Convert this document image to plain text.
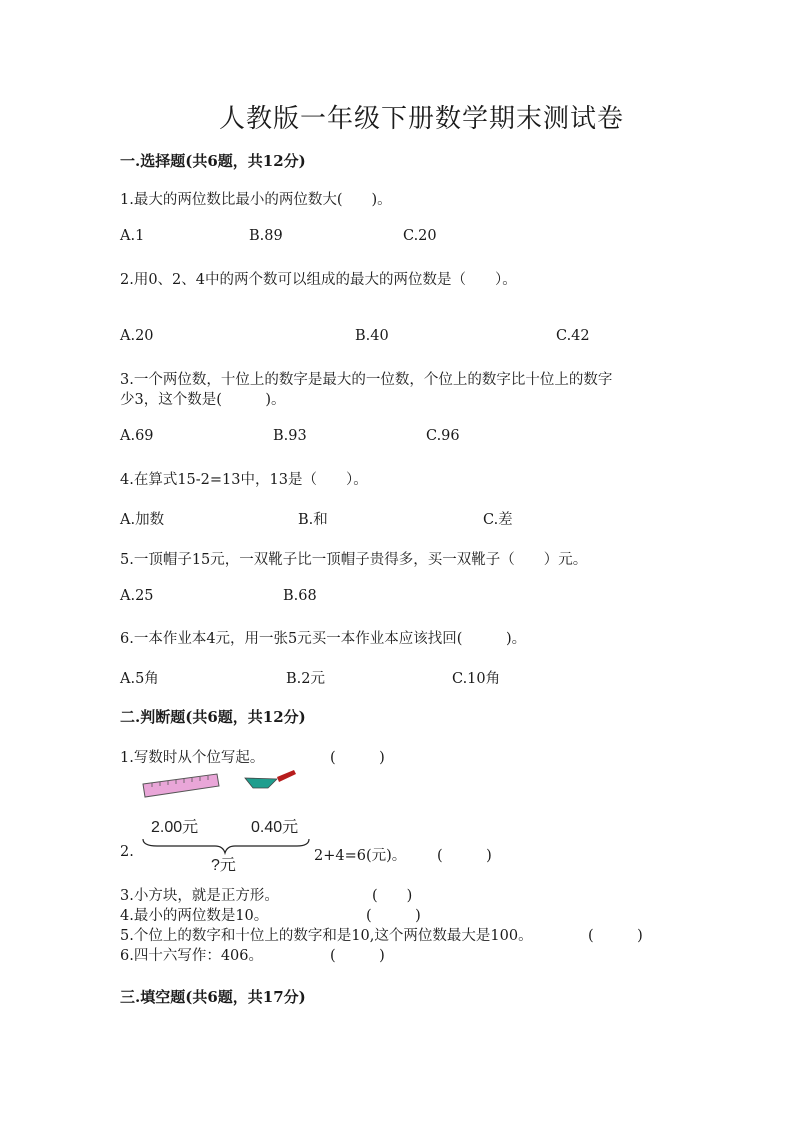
人教版一年级下册数学期末测试卷
一.选择题(共6题，共12分)
1.最大的两位数比最小的两位数大(　　)。
A.1	B.89	C.20
2.用0、2、4中的两个数可以组成的最大的两位数是（　　）。
A.20	B.40	C.42
3.一个两位数，十位上的数字是最大的一位数，个位上的数字比十位上的数字
少3，这个数是(　　　)。
A.69	B.93	C.96
4.在算式15-2=13中，13是（　　）。
A.加数	B.和	C.差
5.一顶帽子15元，一双靴子比一顶帽子贵得多，买一双靴子（　　）元。
A.25	B.68
6.一本作业本4元，用一张5元买一本作业本应该找回(　　　)。
A.5角	B.2元	C.10角
二.判断题(共6题，共12分)
1.写数时从个位写起。	(　　　)
2.
2.00元	0.40元
?元
2+4=6(元)。 (　　　)
3.小方块，就是正方形。	(　　)
4.最小的两位数是10。	(　　　)
5.个位上的数字和十位上的数字和是10,这个两位数最大是100。	(　　　)
6.四十六写作：406。	(　　　)
三.填空题(共6题，共17分)
